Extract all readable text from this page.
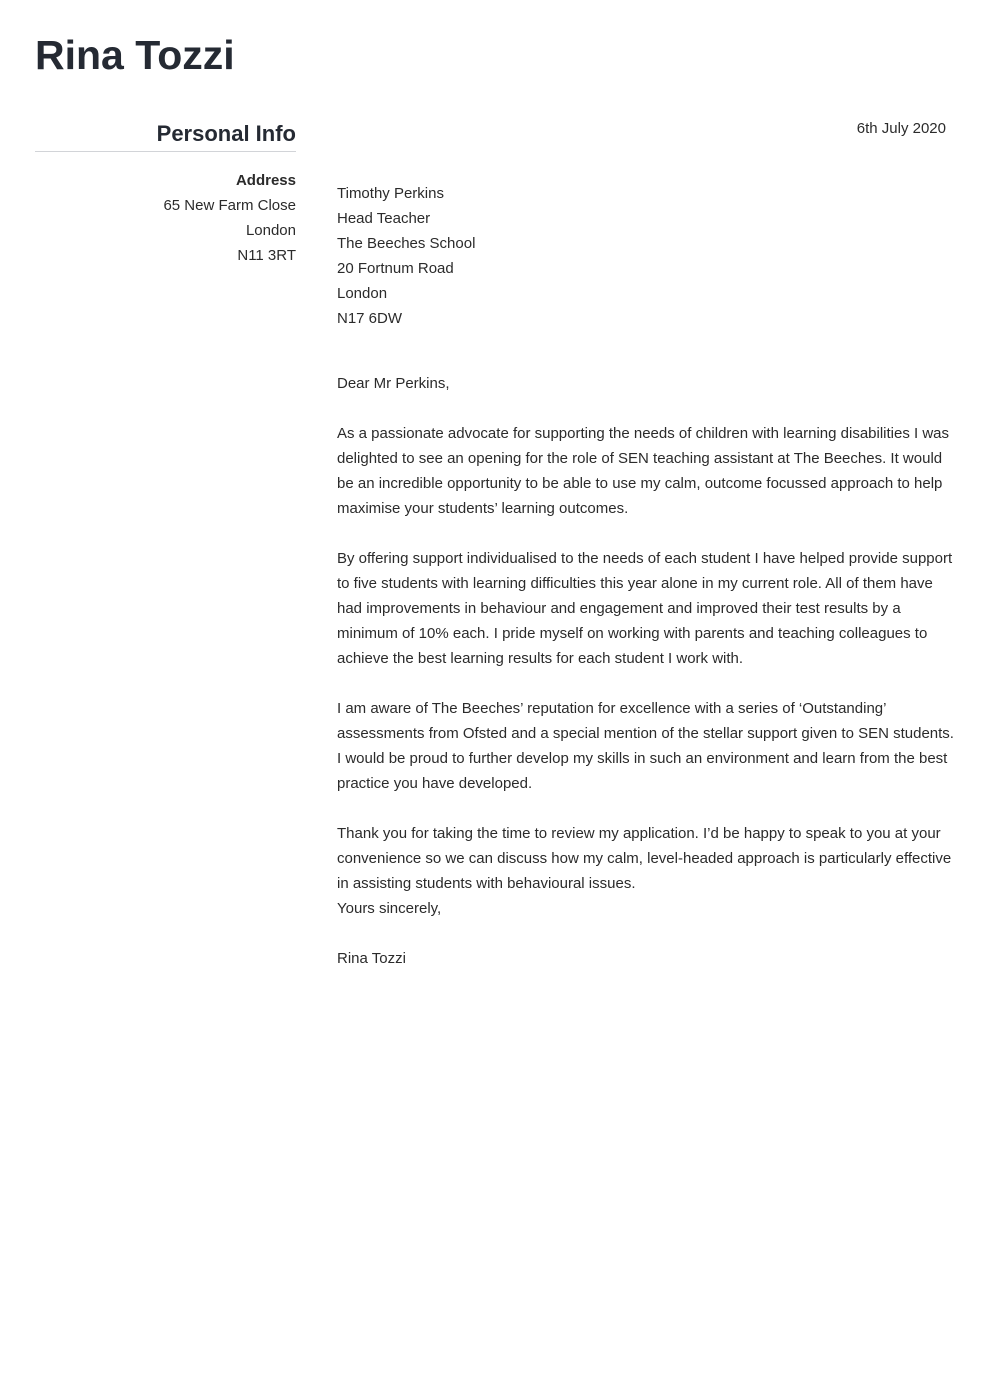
Rina Tozzi
Personal Info
Address
65 New Farm Close
London
N11 3RT
6th July 2020
Timothy Perkins
Head Teacher
The Beeches School
20 Fortnum Road
London
N17 6DW
Dear Mr Perkins,
As a passionate advocate for supporting the needs of children with learning disabilities I was delighted to see an opening for the role of SEN teaching assistant at The Beeches. It would be an incredible opportunity to be able to use my calm, outcome focussed approach to help maximise your students’ learning outcomes.
By offering support individualised to the needs of each student I have helped provide support to five students with learning difficulties this year alone in my current role. All of them have had improvements in behaviour and engagement and improved their test results by a minimum of 10% each. I pride myself on working with parents and teaching colleagues to achieve the best learning results for each student I work with.
I am aware of The Beeches’ reputation for excellence with a series of ‘Outstanding’ assessments from Ofsted and a special mention of the stellar support given to SEN students. I would be proud to further develop my skills in such an environment and learn from the best practice you have developed.
Thank you for taking the time to review my application. I’d be happy to speak to you at your convenience so we can discuss how my calm, level-headed approach is particularly effective in assisting students with behavioural issues.
Yours sincerely,
Rina Tozzi
